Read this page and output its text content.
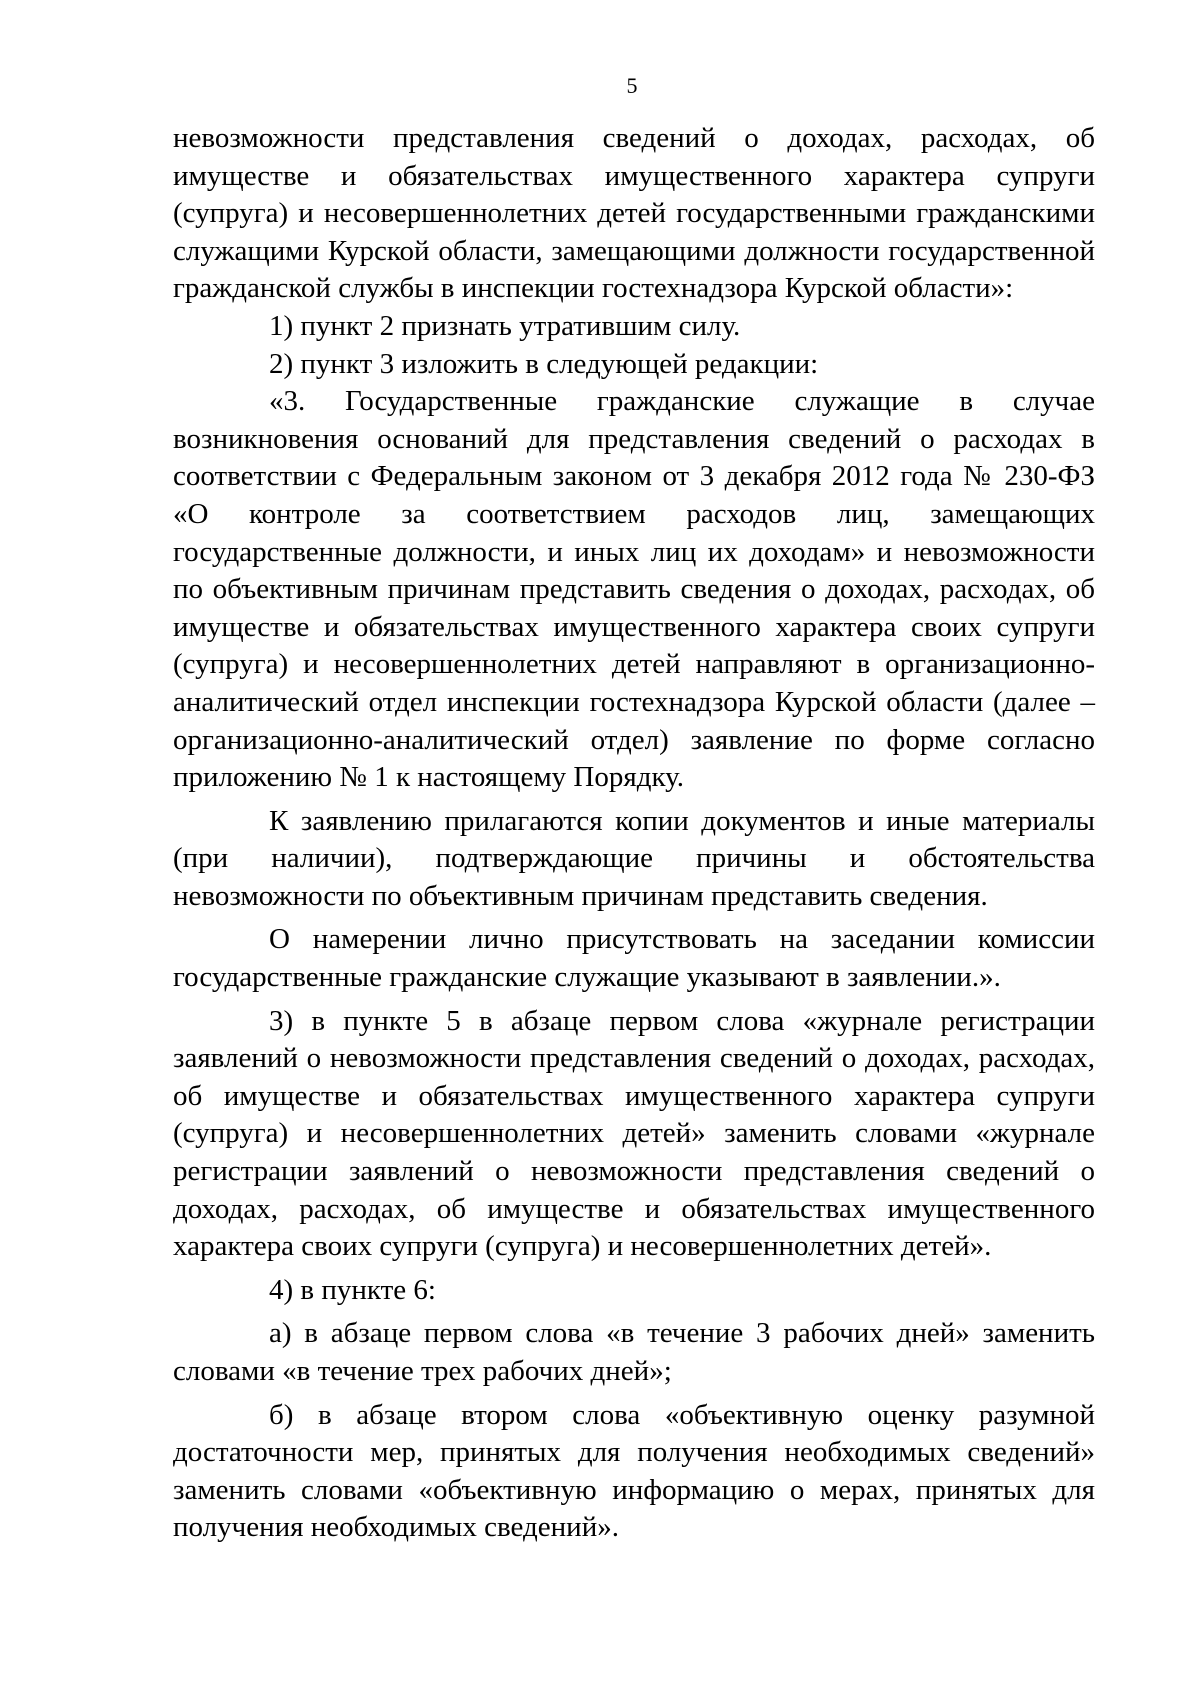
5

невозможности представления сведений о доходах, расходах, об имуществе и обязательствах имущественного характера супруги (супруга) и несовершеннолетних детей государственными гражданскими служащими Курской области, замещающими должности государственной гражданской службы в инспекции гостехнадзора Курской области»:

1) пункт 2 признать утратившим силу.

2) пункт 3 изложить в следующей редакции:

«3. Государственные гражданские служащие в случае возникновения оснований для представления сведений о расходах в соответствии с Федеральным законом от 3 декабря 2012 года № 230-ФЗ «О контроле за соответствием расходов лиц, замещающих государственные должности, и иных лиц их доходам» и невозможности по объективным причинам представить сведения о доходах, расходах, об имуществе и обязательствах имущественного характера своих супруги (супруга) и несовершеннолетних детей направляют в организационно-аналитический отдел инспекции гостехнадзора Курской области (далее – организационно-аналитический отдел) заявление по форме согласно приложению № 1 к настоящему Порядку.

К заявлению прилагаются копии документов и иные материалы (при наличии), подтверждающие причины и обстоятельства невозможности по объективным причинам представить сведения.

О намерении лично присутствовать на заседании комиссии государственные гражданские служащие указывают в заявлении.».

3) в пункте 5 в абзаце первом слова «журнале регистрации заявлений о невозможности представления сведений о доходах, расходах, об имуществе и обязательствах имущественного характера супруги (супруга) и несовершеннолетних детей» заменить словами «журнале регистрации заявлений о невозможности представления сведений о доходах, расходах, об имуществе и обязательствах имущественного характера своих супруги (супруга) и несовершеннолетних детей».

4) в пункте 6:

а) в абзаце первом слова «в течение 3 рабочих дней» заменить словами «в течение трех рабочих дней»;

б) в абзаце втором слова «объективную оценку разумной достаточности мер, принятых для получения необходимых сведений» заменить словами «объективную информацию о мерах, принятых для получения необходимых сведений».
